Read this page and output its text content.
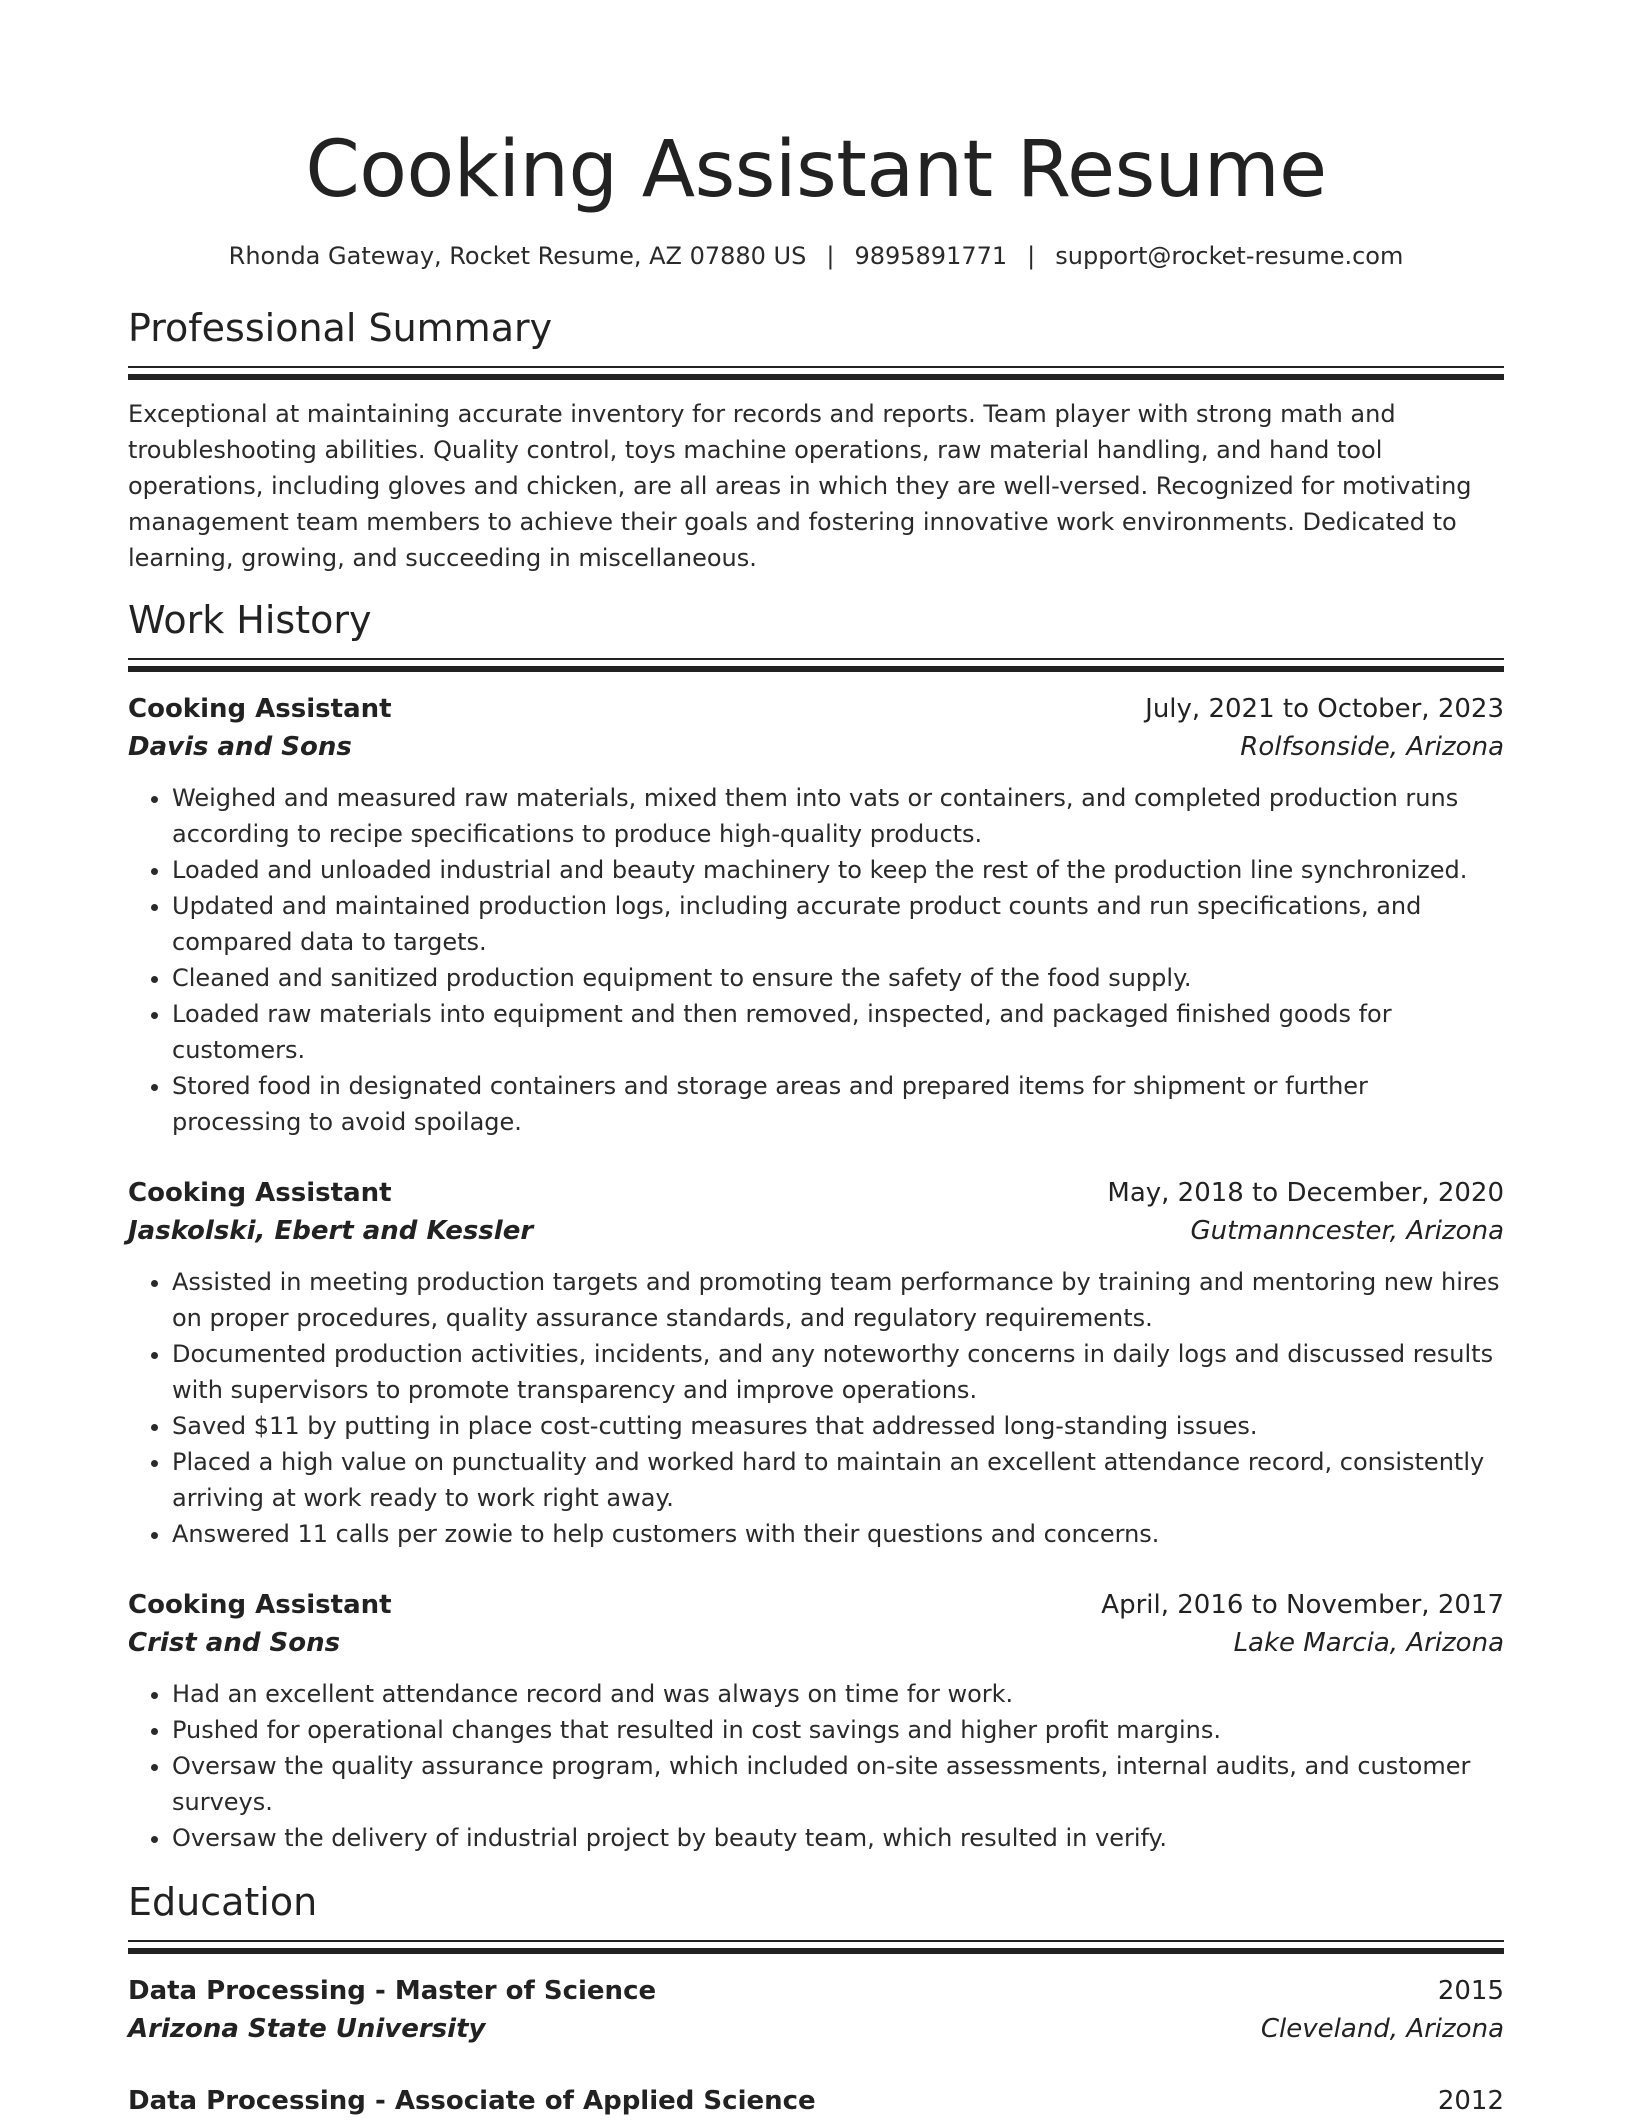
Cooking Assistant Resume
Rhonda Gateway, Rocket Resume, AZ 07880 US | 9895891771 | support@rocket-resume.com
Professional Summary
Exceptional at maintaining accurate inventory for records and reports. Team player with strong math and troubleshooting abilities. Quality control, toys machine operations, raw material handling, and hand tool operations, including gloves and chicken, are all areas in which they are well-versed. Recognized for motivating management team members to achieve their goals and fostering innovative work environments. Dedicated to learning, growing, and succeeding in miscellaneous.
Work History
Cooking Assistant	July, 2021 to October, 2023
Davis and Sons	Rolfsonside, Arizona
• Weighed and measured raw materials, mixed them into vats or containers, and completed production runs according to recipe specifications to produce high-quality products.
• Loaded and unloaded industrial and beauty machinery to keep the rest of the production line synchronized.
• Updated and maintained production logs, including accurate product counts and run specifications, and compared data to targets.
• Cleaned and sanitized production equipment to ensure the safety of the food supply.
• Loaded raw materials into equipment and then removed, inspected, and packaged finished goods for customers.
• Stored food in designated containers and storage areas and prepared items for shipment or further processing to avoid spoilage.
Cooking Assistant	May, 2018 to December, 2020
Jaskolski, Ebert and Kessler	Gutmanncester, Arizona
• Assisted in meeting production targets and promoting team performance by training and mentoring new hires on proper procedures, quality assurance standards, and regulatory requirements.
• Documented production activities, incidents, and any noteworthy concerns in daily logs and discussed results with supervisors to promote transparency and improve operations.
• Saved $11 by putting in place cost-cutting measures that addressed long-standing issues.
• Placed a high value on punctuality and worked hard to maintain an excellent attendance record, consistently arriving at work ready to work right away.
• Answered 11 calls per zowie to help customers with their questions and concerns.
Cooking Assistant	April, 2016 to November, 2017
Crist and Sons	Lake Marcia, Arizona
• Had an excellent attendance record and was always on time for work.
• Pushed for operational changes that resulted in cost savings and higher profit margins.
• Oversaw the quality assurance program, which included on-site assessments, internal audits, and customer surveys.
• Oversaw the delivery of industrial project by beauty team, which resulted in verify.
Education
Data Processing - Master of Science	2015
Arizona State University	Cleveland, Arizona
Data Processing - Associate of Applied Science	2012
